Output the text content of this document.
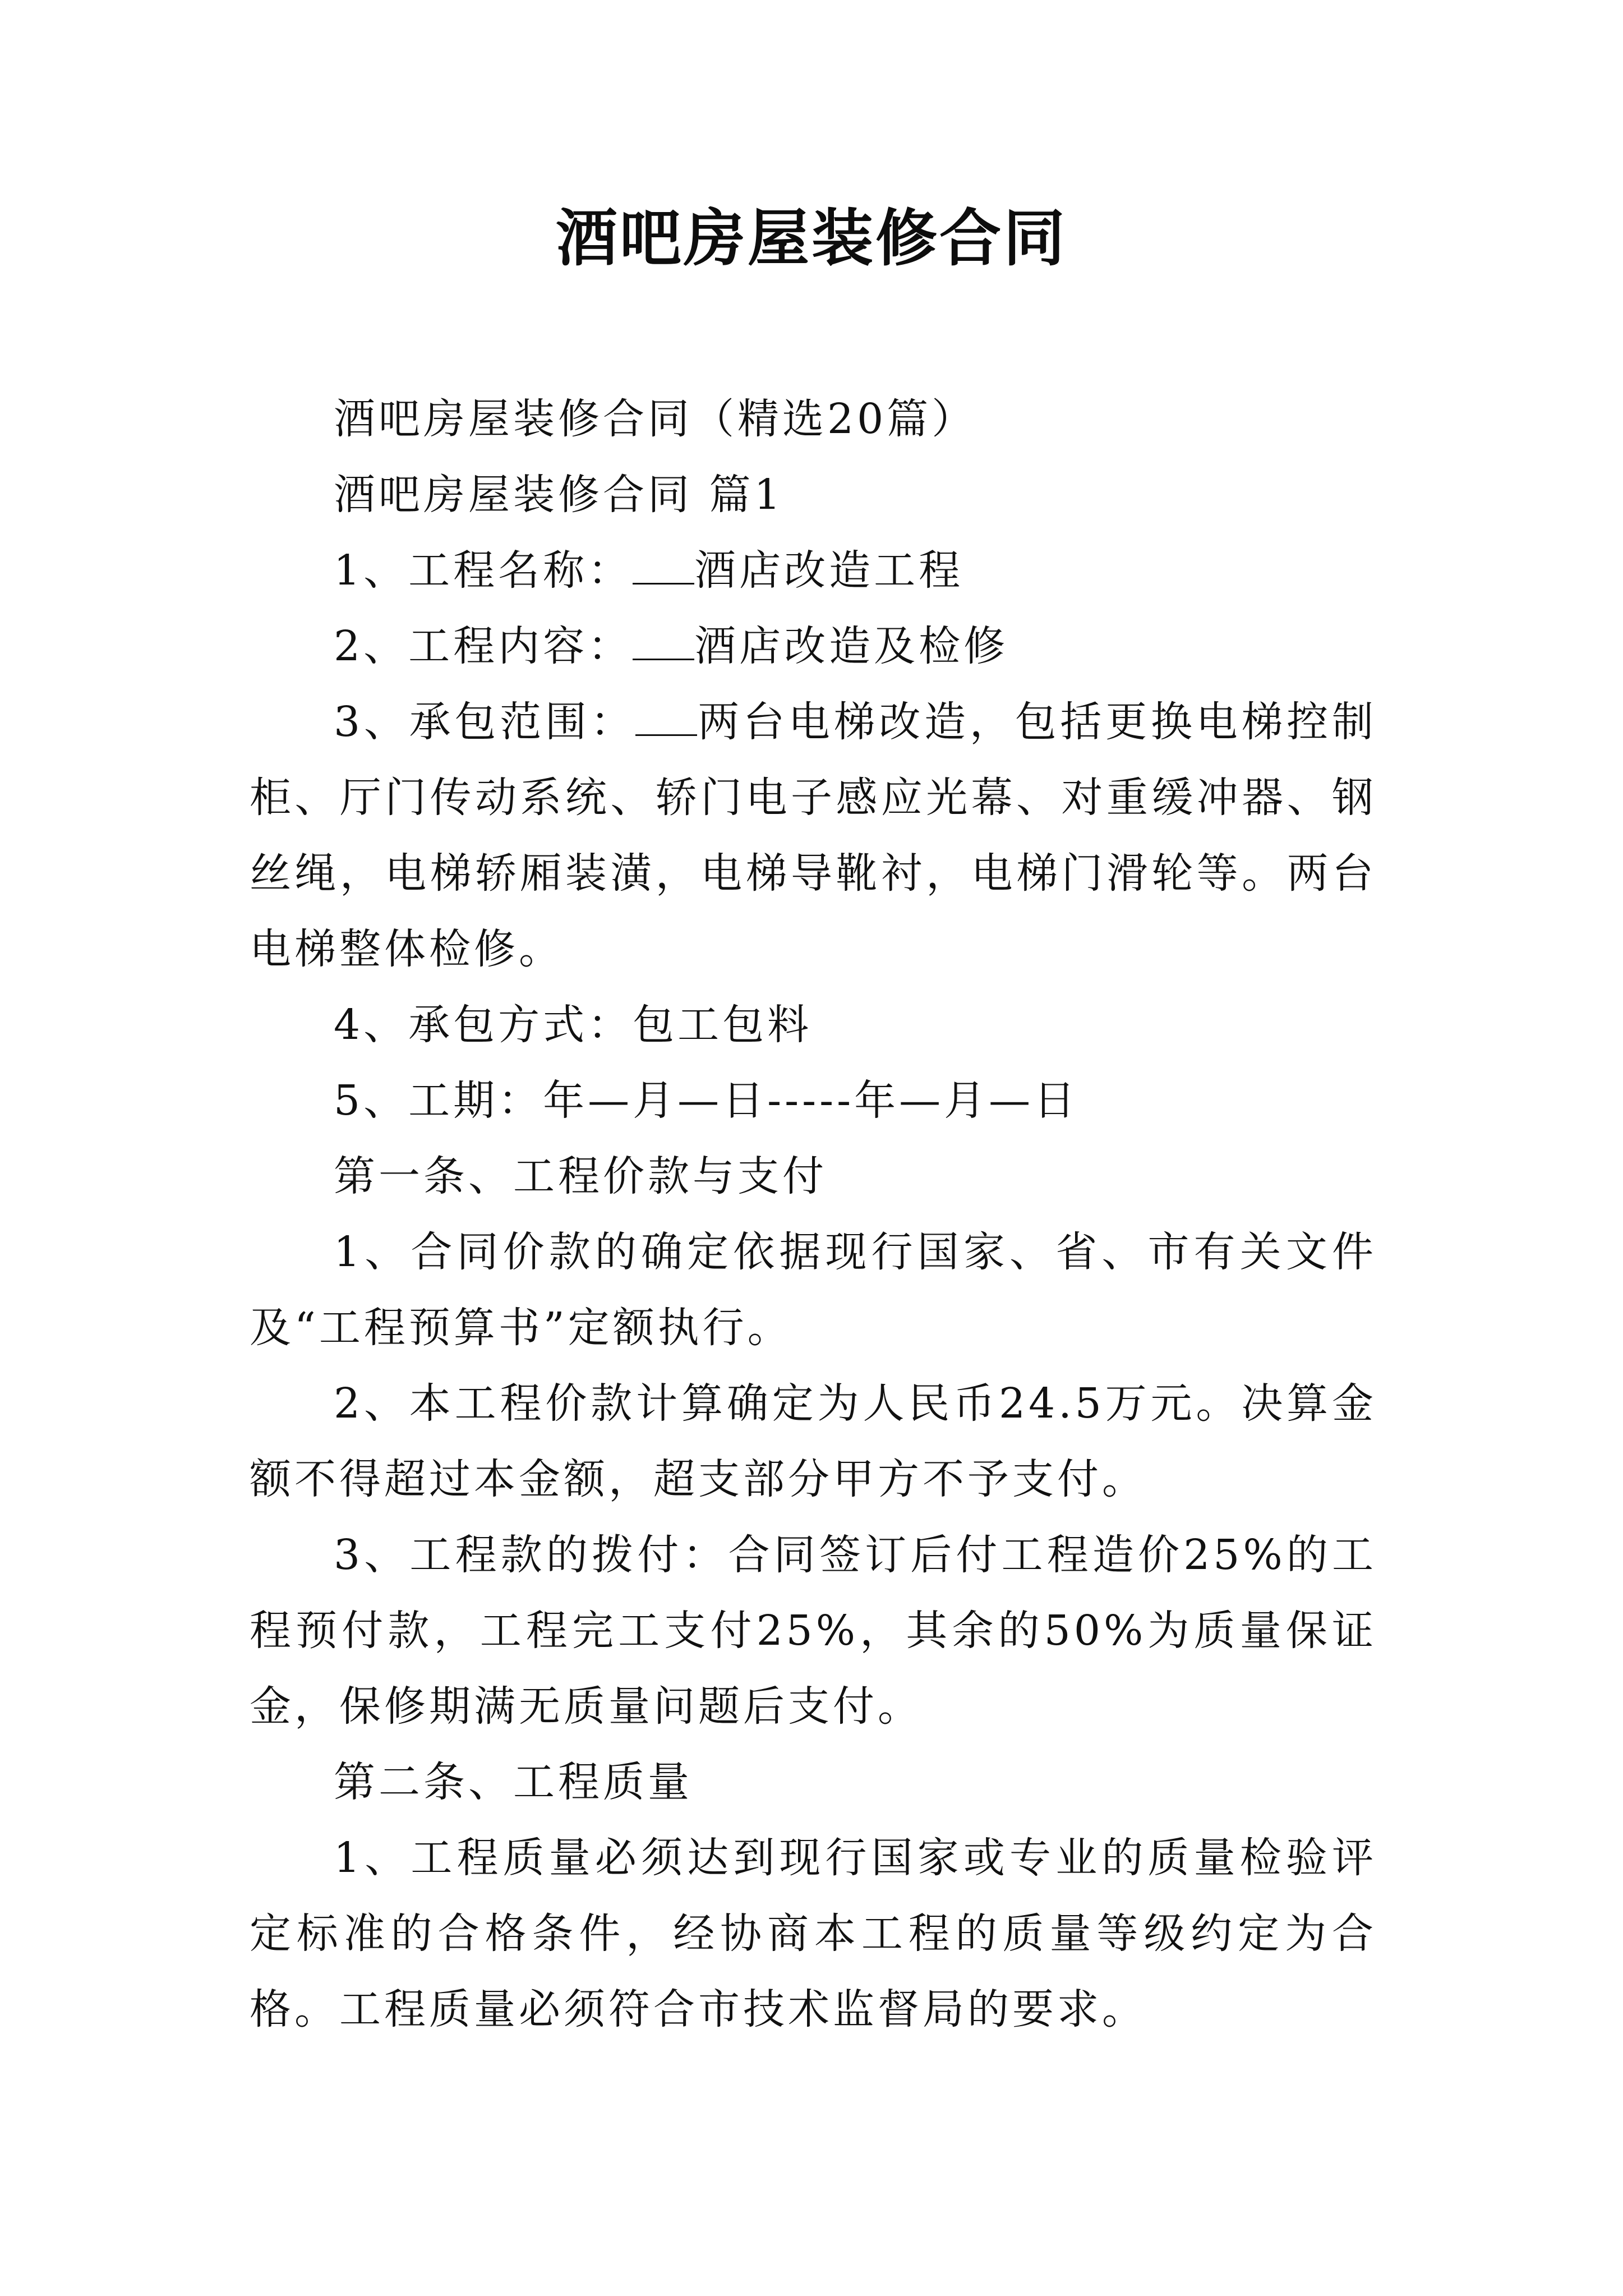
酒吧房屋装修合同

酒吧房屋装修合同（精选20篇）

酒吧房屋装修合同 篇1

1、工程名称： 酒店改造工程

2、工程内容： 酒店改造及检修

3、承包范围： 两台电梯改造，包括更换电梯控制柜、厅门传动系统、轿门电子感应光幕、对重缓冲器、钢丝绳，电梯轿厢装潢，电梯导靴衬，电梯门滑轮等。两台电梯整体检修。

4、承包方式：包工包料

5、工期：年—月—日-----年—月—日

第一条、工程价款与支付

1、合同价款的确定依据现行国家、省、市有关文件及“工程预算书”定额执行。

2、本工程价款计算确定为人民币24.5万元。决算金额不得超过本金额，超支部分甲方不予支付。

3、工程款的拨付：合同签订后付工程造价25%的工程预付款，工程完工支付25%，其余的50%为质量保证金，保修期满无质量问题后支付。

第二条、工程质量

1、工程质量必须达到现行国家或专业的质量检验评定标准的合格条件，经协商本工程的质量等级约定为合格。工程质量必须符合市技术监督局的要求。
